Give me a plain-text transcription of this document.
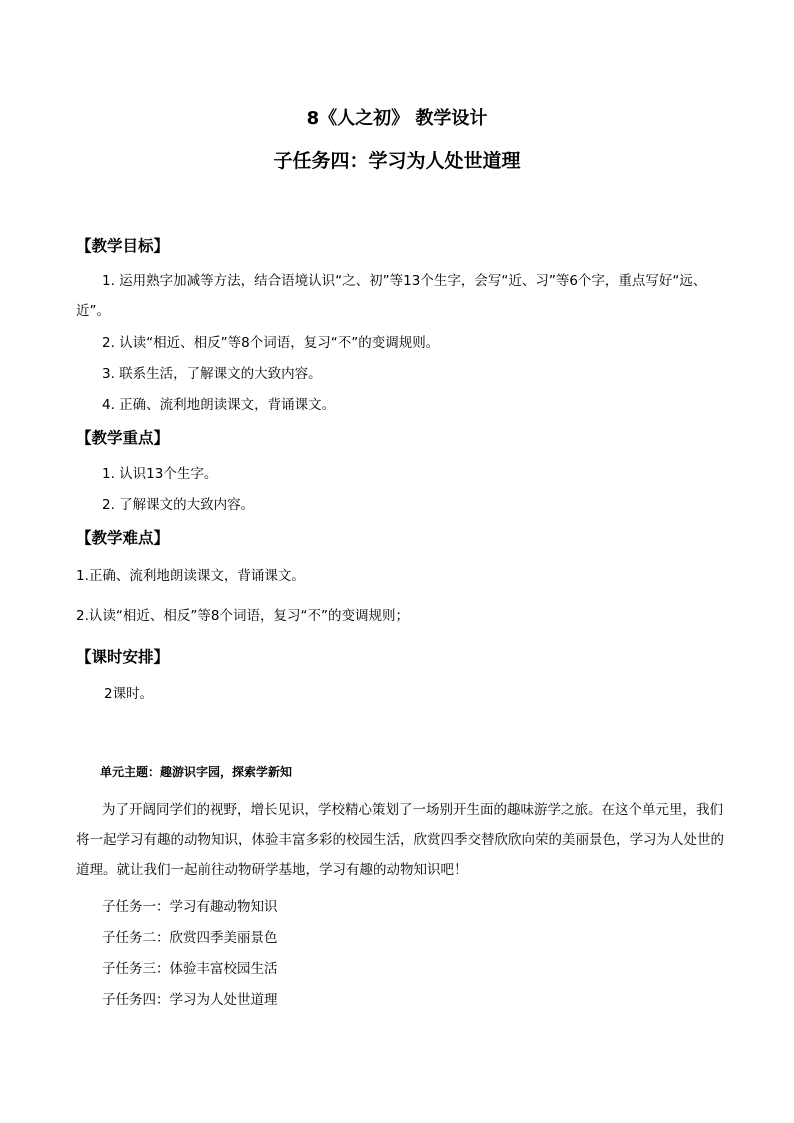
8《人之初》 教学设计
子任务四：学习为人处世道理
【教学目标】
1. 运用熟字加减等方法，结合语境认识“之、初”等13个生字，会写“近、习”等6个字，重点写好“远、近”。
2. 认读“相近、相反”等8个词语，复习“不”的变调规则。
3. 联系生活，了解课文的大致内容。
4. 正确、流利地朗读课文，背诵课文。
【教学重点】
1. 认识13个生字。
2. 了解课文的大致内容。
【教学难点】
1.正确、流利地朗读课文，背诵课文。
2.认读“相近、相反”等8个词语，复习“不”的变调规则；
【课时安排】
2课时。
单元主题：趣游识字园，探索学新知
为了开阔同学们的视野，增长见识，学校精心策划了一场别开生面的趣味游学之旅。在这个单元里，我们将一起学习有趣的动物知识，体验丰富多彩的校园生活，欣赏四季交替欣欣向荣的美丽景色，学习为人处世的道理。就让我们一起前往动物研学基地，学习有趣的动物知识吧！
子任务一：学习有趣动物知识
子任务二：欣赏四季美丽景色
子任务三：体验丰富校园生活
子任务四：学习为人处世道理
